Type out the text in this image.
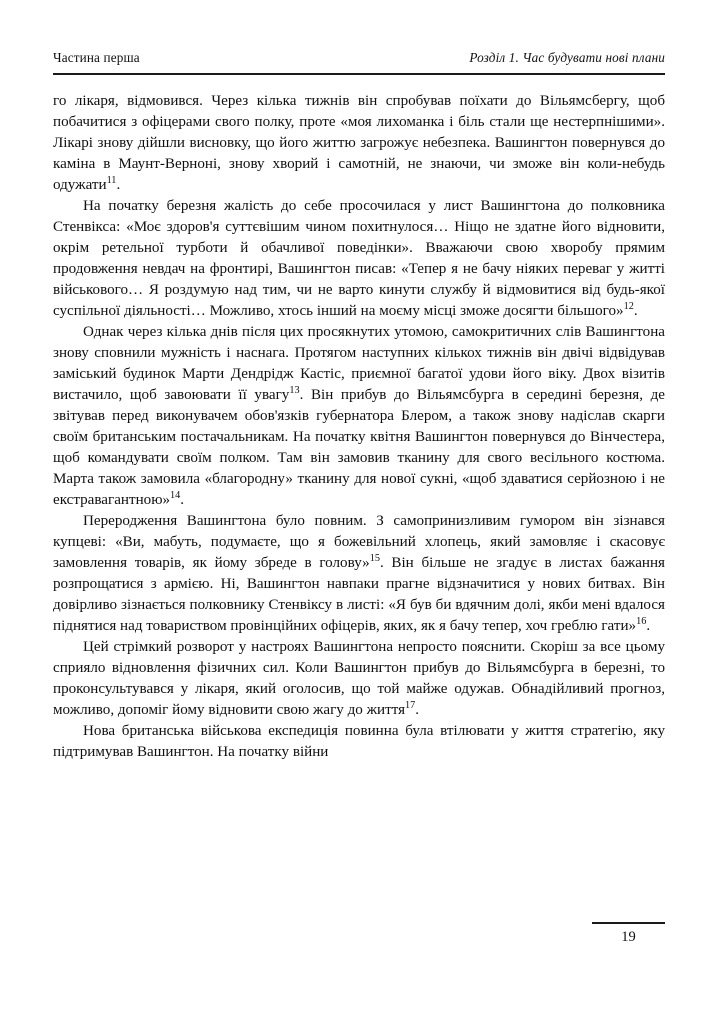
Частина перша	Розділ 1. Час будувати нові плани

го лікаря, відмовився. Через кілька тижнів він спробував поїхати до Вільямсбергу, щоб побачитися з офіцерами свого полку, проте «моя лихоманка і біль стали ще нестерпнішими». Лікарі знову дійшли висновку, що його життю загрожує небезпека. Вашингтон повернувся до каміна в Маунт-Верноні, знову хворий і самотній, не знаючи, чи зможе він коли-небудь одужати$^{11}$.

На початку березня жалість до себе просочилася у лист Вашингтона до полковника Стенвікса: «Моє здоров'я суттєвішим чином похитнулося… Ніщо не здатне його відновити, окрім ретельної турботи й обачливої поведінки». Вважаючи свою хворобу прямим продовження невдач на фронтирі, Вашингтон писав: «Тепер я не бачу ніяких переваг у житті військового… Я роздумую над тим, чи не варто кинути службу й відмовитися від будь-якої суспільної діяльності… Можливо, хтось інший на моєму місці зможе досягти більшого»$^{12}$.

Однак через кілька днів після цих просякнутих утомою, самокритичних слів Вашингтона знову сповнили мужність і наснага. Протягом наступних кількох тижнів він двічі відвідував заміський будинок Марти Дендрідж Кастіс, приємної багатої удови його віку. Двох візитів вистачило, щоб завоювати її увагу$^{13}$. Він прибув до Вільямсбурга в середині березня, де звітував перед виконувачем обов'язків губернатора Блером, а також знову надіслав скарги своїм британським постачальникам. На початку квітня Вашингтон повернувся до Вінчестера, щоб командувати своїм полком. Там він замовив тканину для свого весільного костюма. Марта також замовила «благородну» тканину для нової сукні, «щоб здаватися серйозною і не екстравагантною»$^{14}$.

Переродження Вашингтона було повним. З самопринизливим гумором він зізнався купцеві: «Ви, мабуть, подумаєте, що я божевільний хлопець, який замовляє і скасовує замовлення товарів, як йому збреде в голову»$^{15}$. Він більше не згадує в листах бажання розпрощатися з армією. Ні, Вашингтон навпаки прагне відзначитися у нових битвах. Він довірливо зізнається полковнику Стенвіксу в листі: «Я був би вдячним долі, якби мені вдалося піднятися над товариством провінційних офіцерів, яких, як я бачу тепер, хоч греблю гати»$^{16}$.

Цей стрімкий розворот у настроях Вашингтона непросто пояснити. Скоріш за все цьому сприяло відновлення фізичних сил. Коли Вашингтон прибув до Вільямсбурга в березні, то проконсультувався у лікаря, який оголосив, що той майже одужав. Обнадійливий прогноз, можливо, допоміг йому відновити свою жагу до життя$^{17}$.

Нова британська військова експедиція повинна була втілювати у життя стратегію, яку підтримував Вашингтон. На початку війни

19
